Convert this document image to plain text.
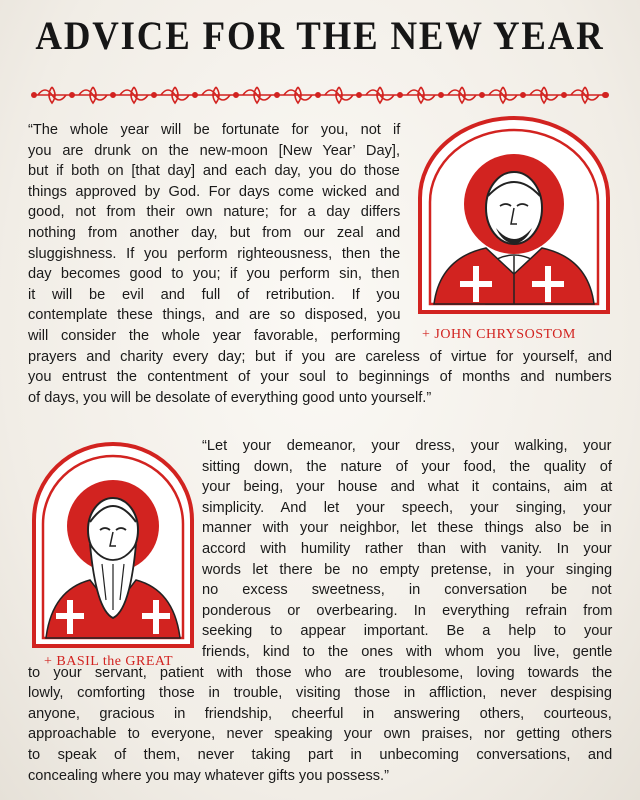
ADVICE FOR THE NEW YEAR
“The whole year will be fortunate for you, not if
you are drunk on the new-moon [New Year’ Day],
but if both on [that day] and each day, you do those
things approved by God. For days come wicked and
good, not from their own nature; for a day differs
nothing from another day, but from our zeal and
sluggishness. If you perform righteousness, then the
day becomes good to you; if you perform sin, then
it will be evil and full of retribution. If you
contemplate these things, and are so disposed, you
will consider the whole year favorable, performing
prayers and charity every day; but if you are careless of virtue for yourself, and
you entrust the contentment of your soul to beginnings of months and numbers
of days, you will be desolate of everything good unto yourself.”
+ JOHN CHRYSOSTOM
“Let your demeanor, your dress, your walking, your
sitting down, the nature of your food, the quality of
your being, your house and what it contains, aim at
simplicity. And let your speech, your singing, your
manner with your neighbor, let these things also be in
accord with humility rather than with vanity. In your
words let there be no empty pretense, in your singing
no excess sweetness, in conversation be not
ponderous or overbearing. In everything refrain from
seeking to appear important. Be a help to your
friends, kind to the ones with whom you live, gentle
to your servant, patient with those who are troublesome, loving towards the
lowly, comforting those in trouble, visiting those in affliction, never despising
anyone, gracious in friendship, cheerful in answering others, courteous,
approachable to everyone, never speaking your own praises, nor getting others
to speak of them, never taking part in unbecoming conversations, and
concealing where you may whatever gifts you possess.”
+ BASIL the GREAT
